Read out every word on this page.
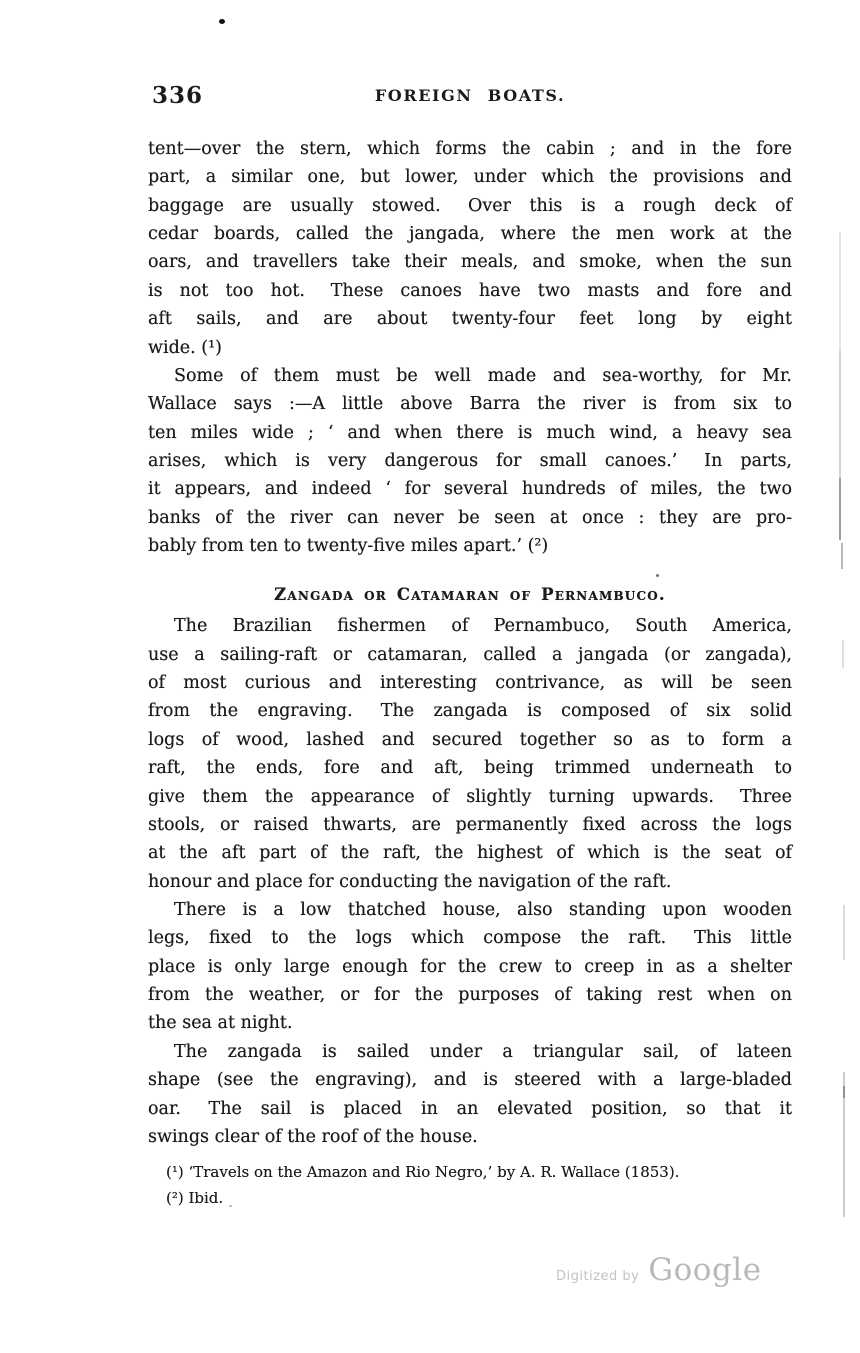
336	FOREIGN BOATS.
tent—over the stern, which forms the cabin ; and in the fore
part, a similar one, but lower, under which the provisions and
baggage are usually stowed.  Over this is a rough deck of
cedar boards, called the jangada, where the men work at the
oars, and travellers take their meals, and smoke, when the sun
is not too hot.  These canoes have two masts and fore and
aft sails, and are about twenty-four feet long by eight
wide. (¹)
Some of them must be well made and sea-worthy, for Mr.
Wallace says :—A little above Barra the river is from six to
ten miles wide ; ‘ and when there is much wind, a heavy sea
arises, which is very dangerous for small canoes.’  In parts,
it appears, and indeed ‘ for several hundreds of miles, the two
banks of the river can never be seen at once : they are pro-
bably from ten to twenty-five miles apart.’ (²)
Zangada or Catamaran of Pernambuco.
The Brazilian fishermen of Pernambuco, South America,
use a sailing-raft or catamaran, called a jangada (or zangada),
of most curious and interesting contrivance, as will be seen
from the engraving.  The zangada is composed of six solid
logs of wood, lashed and secured together so as to form a
raft, the ends, fore and aft, being trimmed underneath to
give them the appearance of slightly turning upwards.  Three
stools, or raised thwarts, are permanently fixed across the logs
at the aft part of the raft, the highest of which is the seat of
honour and place for conducting the navigation of the raft.
There is a low thatched house, also standing upon wooden
legs, fixed to the logs which compose the raft.  This little
place is only large enough for the crew to creep in as a shelter
from the weather, or for the purposes of taking rest when on
the sea at night.
The zangada is sailed under a triangular sail, of lateen
shape (see the engraving), and is steered with a large-bladed
oar.  The sail is placed in an elevated position, so that it
swings clear of the roof of the house.
(¹) ‘Travels on the Amazon and Rio Negro,’ by A. R. Wallace (1853).
(²) Ibid.
Digitized by Google
